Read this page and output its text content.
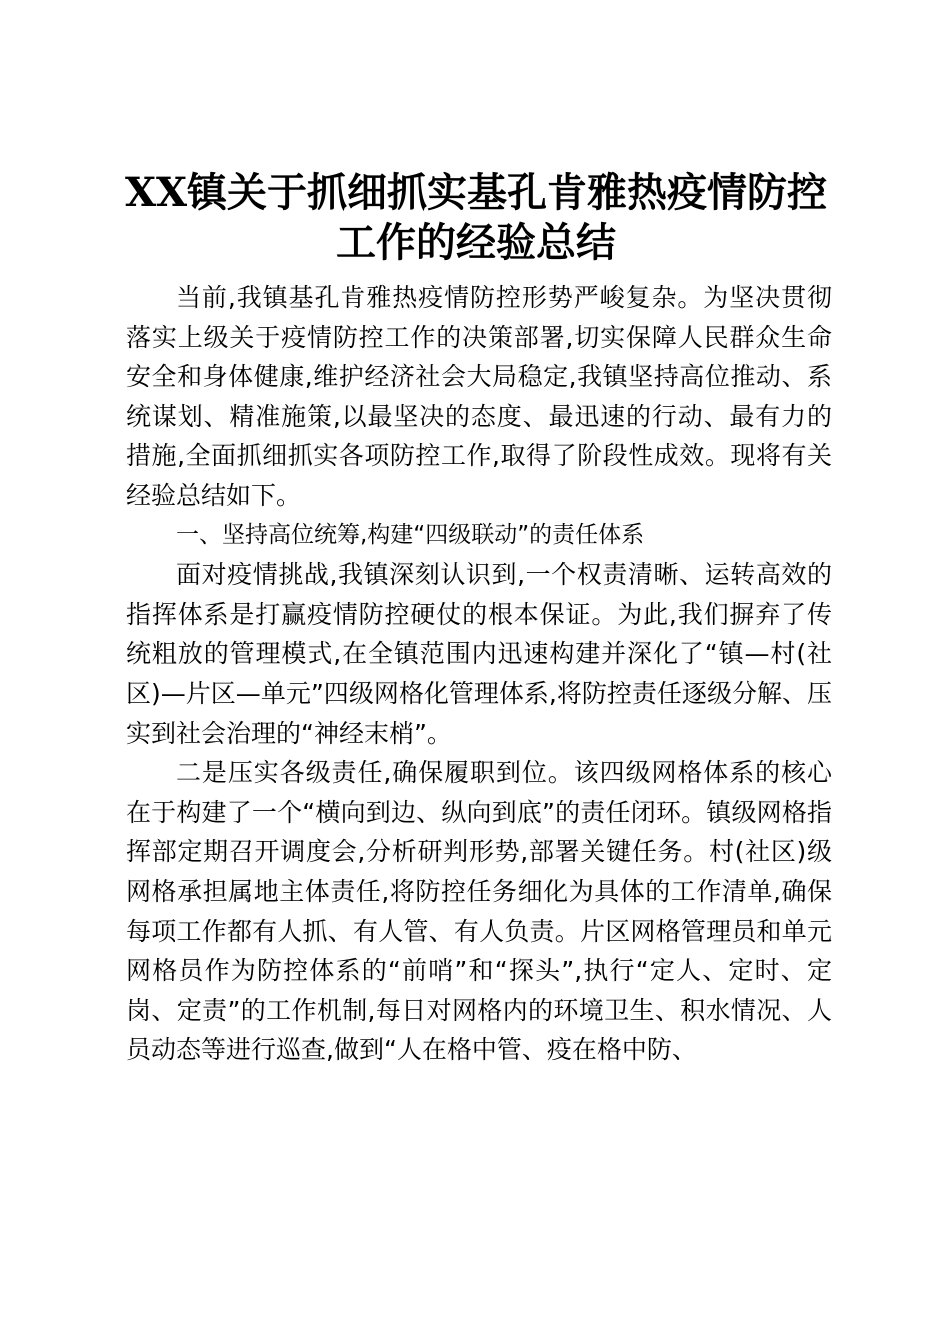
XX镇关于抓细抓实基孔肯雅热疫情防控工作的经验总结

当前,我镇基孔肯雅热疫情防控形势严峻复杂。为坚决贯彻落实上级关于疫情防控工作的决策部署,切实保障人民群众生命安全和身体健康,维护经济社会大局稳定,我镇坚持高位推动、系统谋划、精准施策,以最坚决的态度、最迅速的行动、最有力的措施,全面抓细抓实各项防控工作,取得了阶段性成效。现将有关经验总结如下。

一、坚持高位统筹,构建“四级联动”的责任体系

面对疫情挑战,我镇深刻认识到,一个权责清晰、运转高效的指挥体系是打赢疫情防控硬仗的根本保证。为此,我们摒弃了传统粗放的管理模式,在全镇范围内迅速构建并深化了“镇—村(社区)—片区—单元”四级网格化管理体系,将防控责任逐级分解、压实到社会治理的“神经末梢”。

二是压实各级责任,确保履职到位。该四级网格体系的核心在于构建了一个“横向到边、纵向到底”的责任闭环。镇级网格指挥部定期召开调度会,分析研判形势,部署关键任务。村(社区)级网格承担属地主体责任,将防控任务细化为具体的工作清单,确保每项工作都有人抓、有人管、有人负责。片区网格管理员和单元网格员作为防控体系的“前哨”和“探头”,执行“定人、定时、定岗、定责”的工作机制,每日对网格内的环境卫生、积水情况、人员动态等进行巡查,做到“人在格中管、疫在格中防、
